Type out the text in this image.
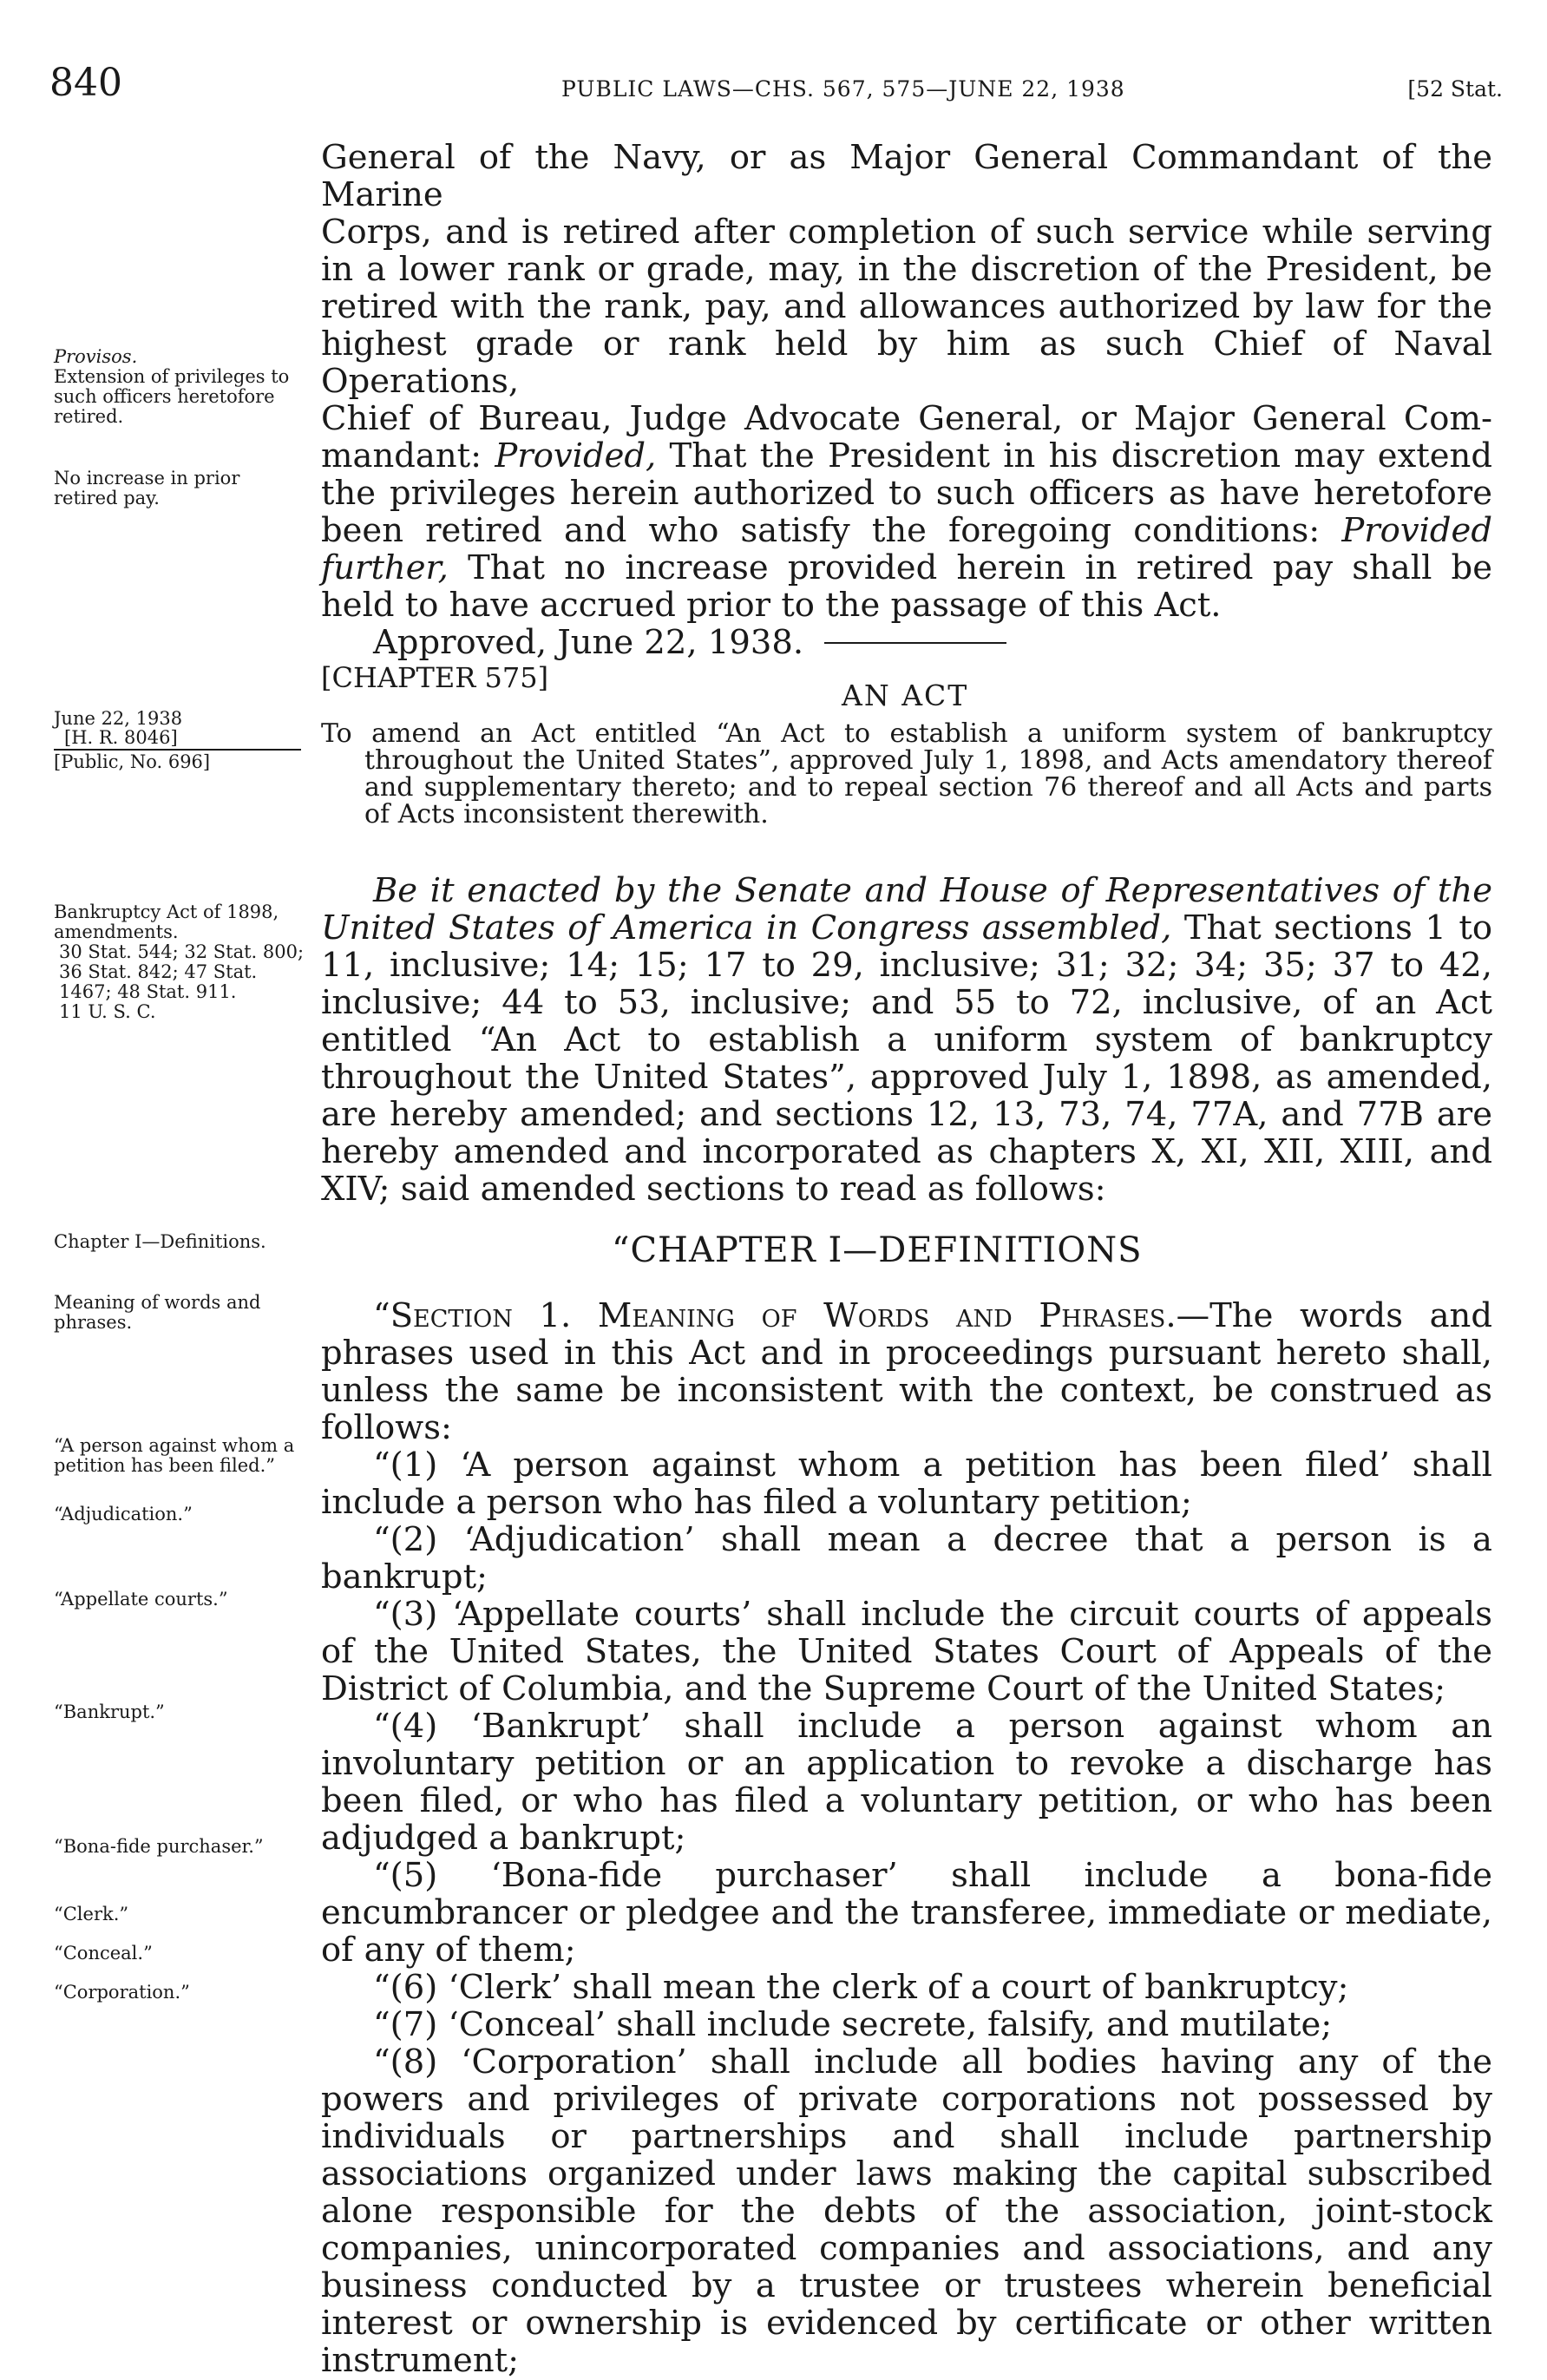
840	PUBLIC LAWS—CHS. 567, 575—JUNE 22, 1938	[52 Stat.

General of the Navy, or as Major General Commandant of the Marine

Corps, and is retired after completion of such service while serving

in a lower rank or grade, may, in the discretion of the President, be

retired with the rank, pay, and allowances authorized by law for the

highest grade or rank held by him as such Chief of Naval Operations,

Chief of Bureau, Judge Advocate General, or Major General Com-

mandant: Provided, That the President in his discretion may extend

the privileges herein authorized to such officers as have heretofore

been retired and who satisfy the foregoing conditions: Provided

further, That no increase provided herein in retired pay shall be

held to have accrued prior to the passage of this Act.

Approved, June 22, 1938.

Provisos.
Extension of privileges to such officers heretofore retired.
No increase in prior retired pay.
[CHAPTER 575]
AN ACT

To amend an Act entitled “An Act to establish a uniform system of bankruptcy throughout the United States”, approved July 1, 1898, and Acts amendatory thereof and supplementary thereto; and to repeal section 76 thereof and all Acts and parts of Acts inconsistent therewith.

June 22, 1938
[H. R. 8046]
[Public, No. 696]

Be it enacted by the Senate and House of Representatives of the United States of America in Congress assembled, That sections 1 to 11, inclusive; 14; 15; 17 to 29, inclusive; 31; 32; 34; 35; 37 to 42, inclusive; 44 to 53, inclusive; and 55 to 72, inclusive, of an Act entitled “An Act to establish a uniform system of bankruptcy throughout the United States”, approved July 1, 1898, as amended, are hereby amended; and sections 12, 13, 73, 74, 77A, and 77B are hereby amended and incorporated as chapters X, XI, XII, XIII, and XIV; said amended sections to read as follows:

Bankruptcy Act of 1898, amendments.
30 Stat. 544; 32 Stat. 800; 36 Stat. 842; 47 Stat. 1467; 48 Stat. 911.
11 U. S. C.
“CHAPTER I—DEFINITIONS

“Section 1. Meaning of Words and Phrases.—The words and phrases used in this Act and in proceedings pursuant hereto shall, unless the same be inconsistent with the context, be construed as follows:

“(1) ‘A person against whom a petition has been filed’ shall include a person who has filed a voluntary petition;

“(2) ‘Adjudication’ shall mean a decree that a person is a bankrupt;

“(3) ‘Appellate courts’ shall include the circuit courts of appeals of the United States, the United States Court of Appeals of the District of Columbia, and the Supreme Court of the United States;

“(4) ‘Bankrupt’ shall include a person against whom an involuntary petition or an application to revoke a discharge has been filed, or who has filed a voluntary petition, or who has been adjudged a bankrupt;

“(5) ‘Bona-fide purchaser’ shall include a bona-fide encumbrancer or pledgee and the transferee, immediate or mediate, of any of them;

“(6) ‘Clerk’ shall mean the clerk of a court of bankruptcy;

“(7) ‘Conceal’ shall include secrete, falsify, and mutilate;

“(8) ‘Corporation’ shall include all bodies having any of the powers and privileges of private corporations not possessed by individuals or partnerships and shall include partnership associations organized under laws making the capital subscribed alone responsible for the debts of the association, joint-stock companies, unincorporated companies and associations, and any business conducted by a trustee or trustees wherein beneficial interest or ownership is evidenced by certificate or other written instrument;

Chapter I—Definitions.
Meaning of words and phrases.
“A person against whom a petition has been filed.”
“Adjudication.”
“Appellate courts.”
“Bankrupt.”
“Bona-fide purchaser.”
“Clerk.”
“Conceal.”
“Corporation.”
